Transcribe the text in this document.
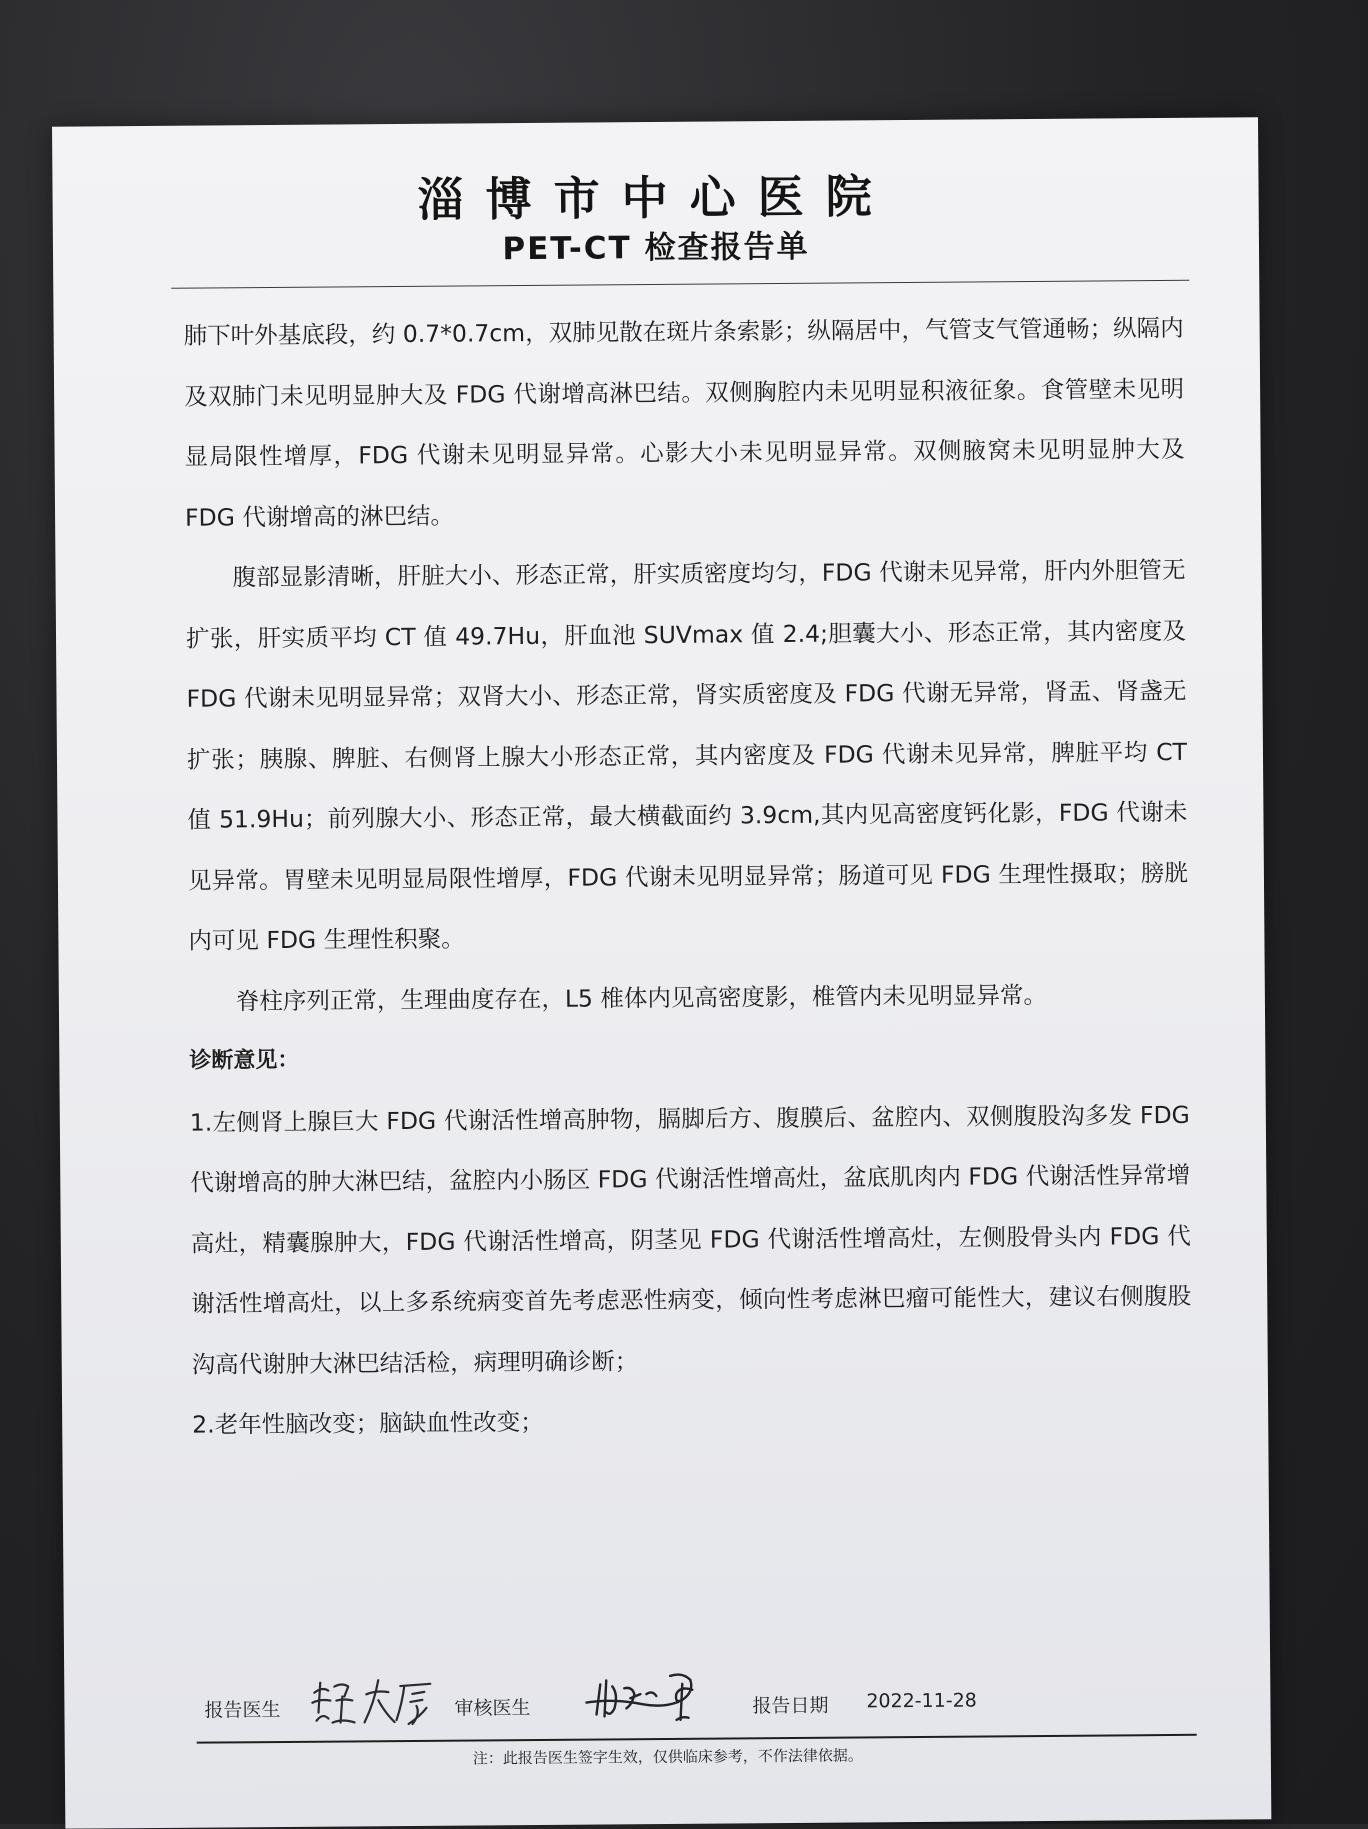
淄博市中心医院
PET-CT 检查报告单

肺下叶外基底段，约 0.7*0.7cm，双肺见散在斑片条索影；纵隔居中，气管支气管通畅；纵隔内及双肺门未见明显肿大及 FDG 代谢增高淋巴结。双侧胸腔内未见明显积液征象。食管壁未见明显局限性增厚，FDG 代谢未见明显异常。心影大小未见明显异常。双侧腋窝未见明显肿大及 FDG 代谢增高的淋巴结。

腹部显影清晰，肝脏大小、形态正常，肝实质密度均匀，FDG 代谢未见异常，肝内外胆管无扩张，肝实质平均 CT 值 49.7Hu，肝血池 SUVmax 值 2.4;胆囊大小、形态正常，其内密度及 FDG 代谢未见明显异常；双肾大小、形态正常，肾实质密度及 FDG 代谢无异常，肾盂、肾盏无扩张；胰腺、脾脏、右侧肾上腺大小形态正常，其内密度及 FDG 代谢未见异常，脾脏平均 CT 值 51.9Hu；前列腺大小、形态正常，最大横截面约 3.9cm,其内见高密度钙化影，FDG 代谢未见异常。胃壁未见明显局限性增厚，FDG 代谢未见明显异常；肠道可见 FDG 生理性摄取；膀胱内可见 FDG 生理性积聚。

脊柱序列正常，生理曲度存在，L5 椎体内见高密度影，椎管内未见明显异常。

诊断意见：

1.左侧肾上腺巨大 FDG 代谢活性增高肿物，膈脚后方、腹膜后、盆腔内、双侧腹股沟多发 FDG 代谢增高的肿大淋巴结，盆腔内小肠区 FDG 代谢活性增高灶，盆底肌肉内 FDG 代谢活性异常增高灶，精囊腺肿大，FDG 代谢活性增高，阴茎见 FDG 代谢活性增高灶，左侧股骨头内 FDG 代谢活性增高灶，以上多系统病变首先考虑恶性病变，倾向性考虑淋巴瘤可能性大，建议右侧腹股沟高代谢肿大淋巴结活检，病理明确诊断；

2.老年性脑改变；脑缺血性改变；

报告医生	审核医生	报告日期 2022-11-28
注：此报告医生签字生效，仅供临床参考，不作法律依据。
